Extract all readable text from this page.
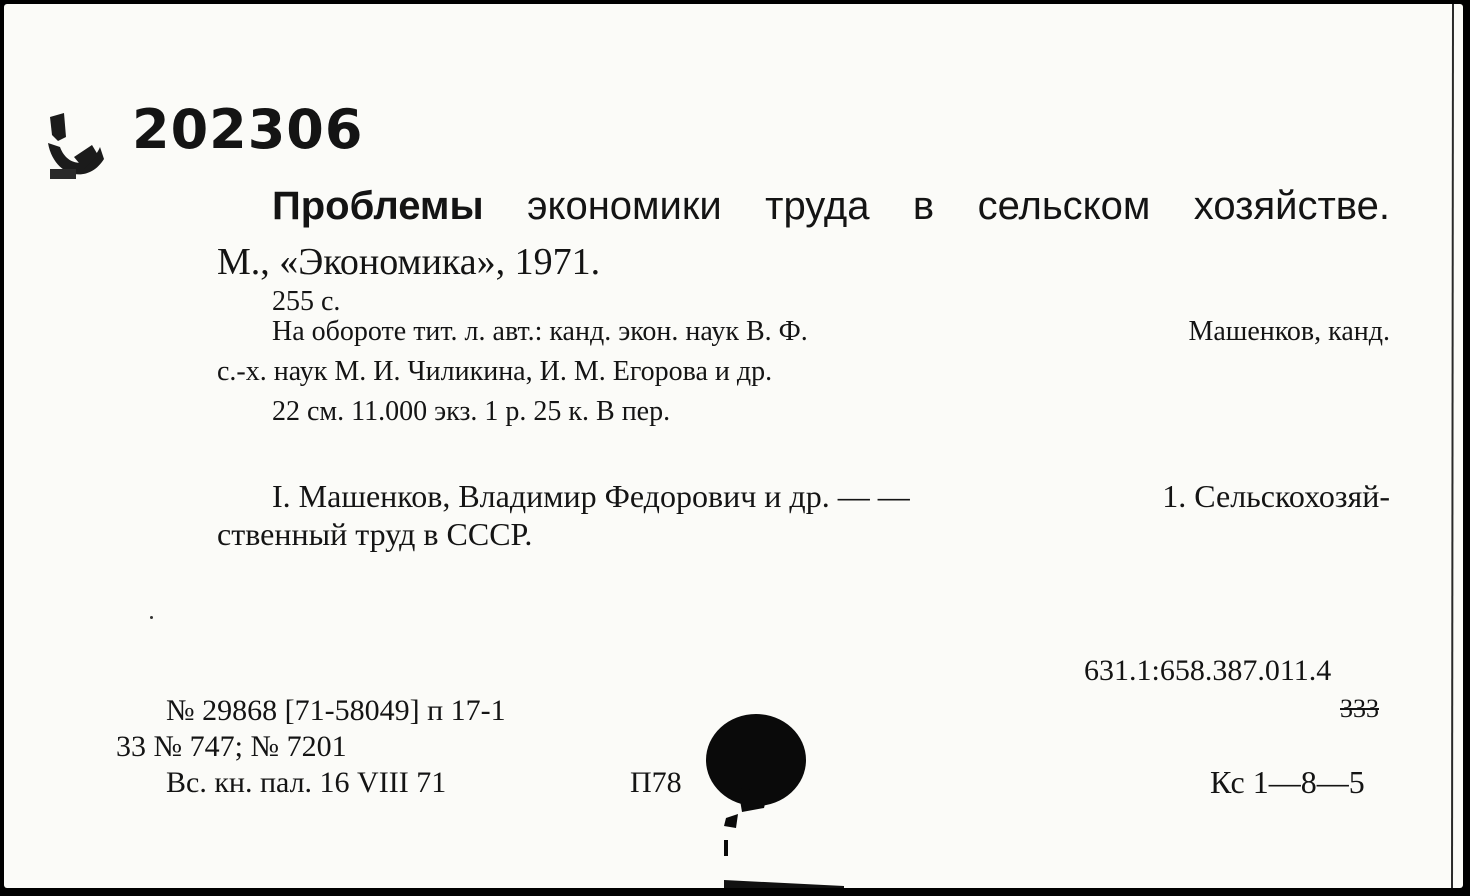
202306
Проблемы экономики труда в сельском хозяйстве.
М., «Экономика», 1971.
255 с.
На обороте тит. л. авт.: канд. экон. наук В. Ф.	Машенков, канд.
с.-х. наук М. И. Чиликина, И. М. Егорова и др.
22 см. 11.000 экз. 1 р. 25 к. В пер.
I. Машенков, Владимир Федорович и др. — —	1. Сельскохозяй-
ственный труд в СССР.
631.1:658.387.011.4
333
№ 29868 [71-58049] п 17-1
33 № 747; № 7201
Вс. кн. пал. 16 VIII 71	П78	Кс 1—8—5
